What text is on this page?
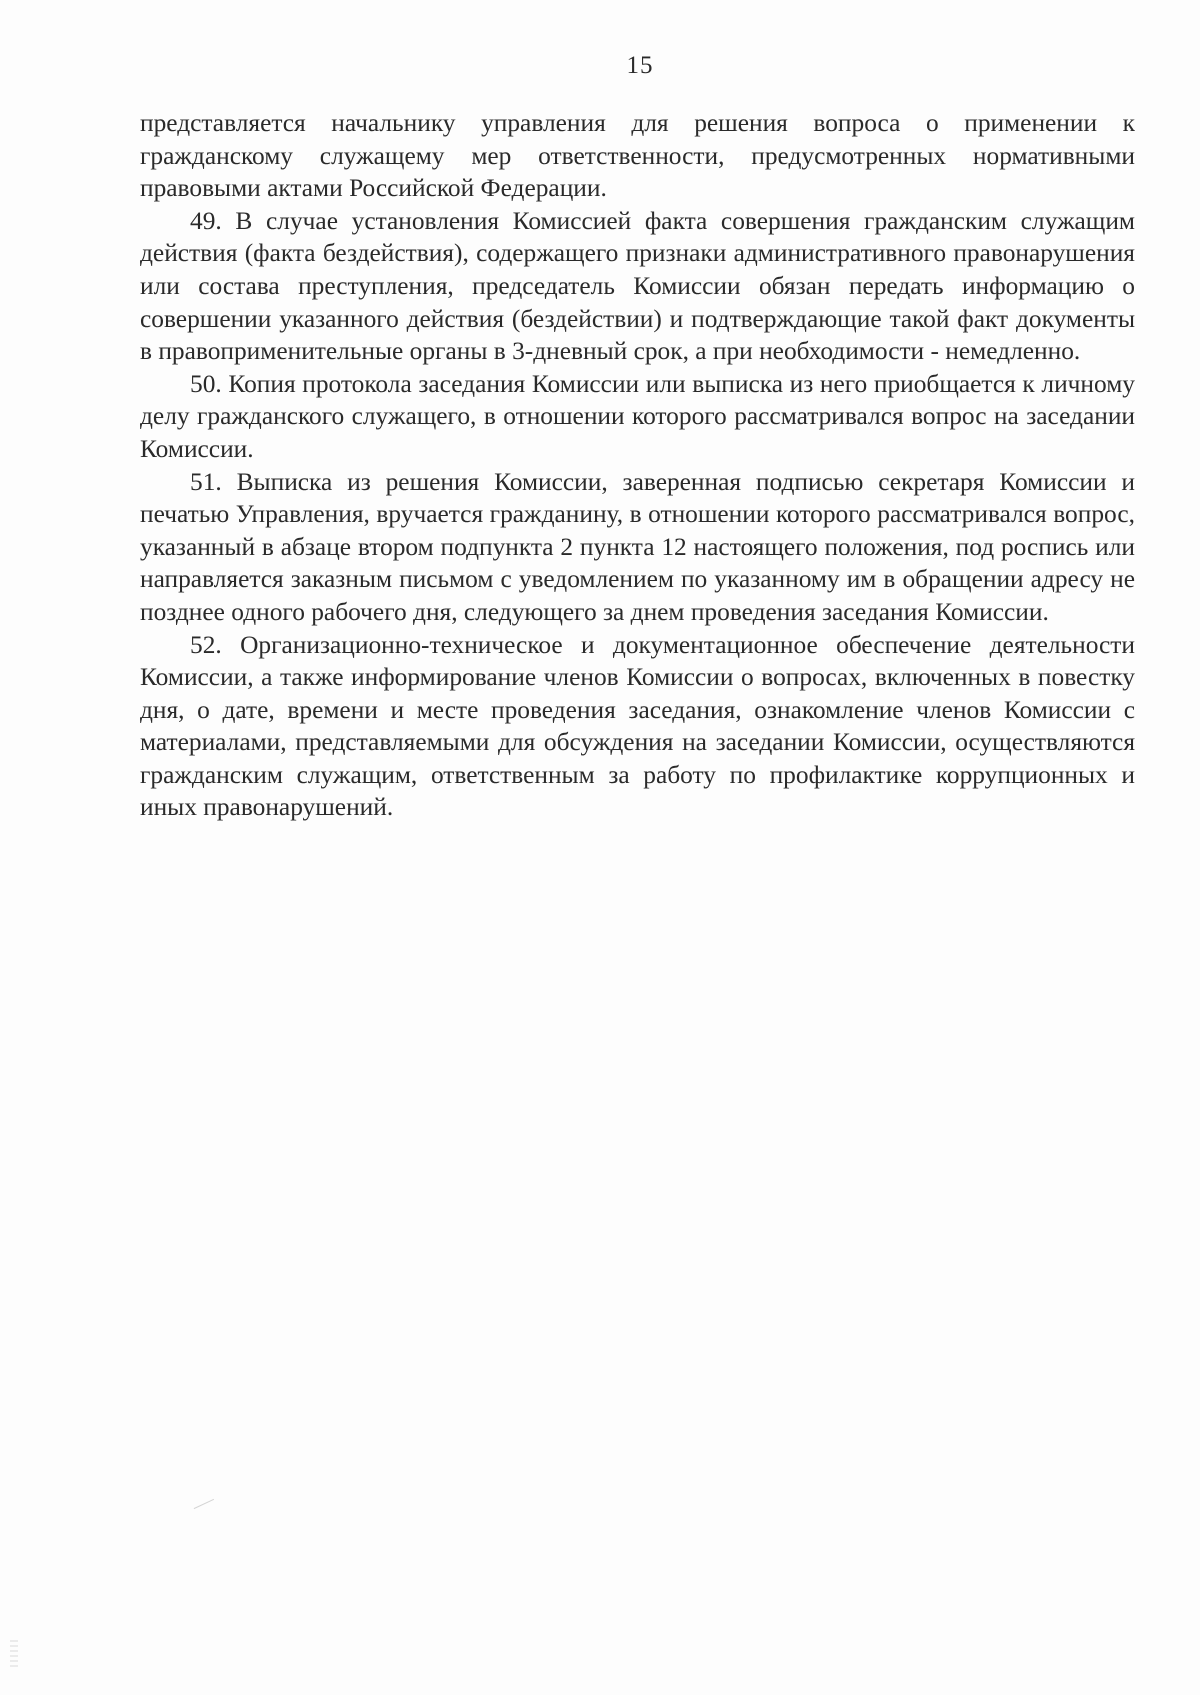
15

представляется начальнику управления для решения вопроса о применении к гражданскому служащему мер ответственности, предусмотренных нормативными правовыми актами Российской Федерации.

49. В случае установления Комиссией факта совершения гражданским служащим действия (факта бездействия), содержащего признаки административного правонарушения или состава преступления, председатель Комиссии обязан передать информацию о совершении указанного действия (бездействии) и подтверждающие такой факт документы в правоприменительные органы в 3-дневный срок, а при необходимости - немедленно.

50. Копия протокола заседания Комиссии или выписка из него приобщается к личному делу гражданского служащего, в отношении которого рассматривался вопрос на заседании Комиссии.

51. Выписка из решения Комиссии, заверенная подписью секретаря Комиссии и печатью Управления, вручается гражданину, в отношении которого рассматривался вопрос, указанный в абзаце втором подпункта 2 пункта 12 настоящего положения, под роспись или направляется заказным письмом с уведомлением по указанному им в обращении адресу не позднее одного рабочего дня, следующего за днем проведения заседания Комиссии.

52. Организационно-техническое и документационное обеспечение деятельности Комиссии, а также информирование членов Комиссии о вопросах, включенных в повестку дня, о дате, времени и месте проведения заседания, ознакомление членов Комиссии с материалами, представляемыми для обсуждения на заседании Комиссии, осуществляются гражданским служащим, ответственным за работу по профилактике коррупционных и иных правонарушений.
